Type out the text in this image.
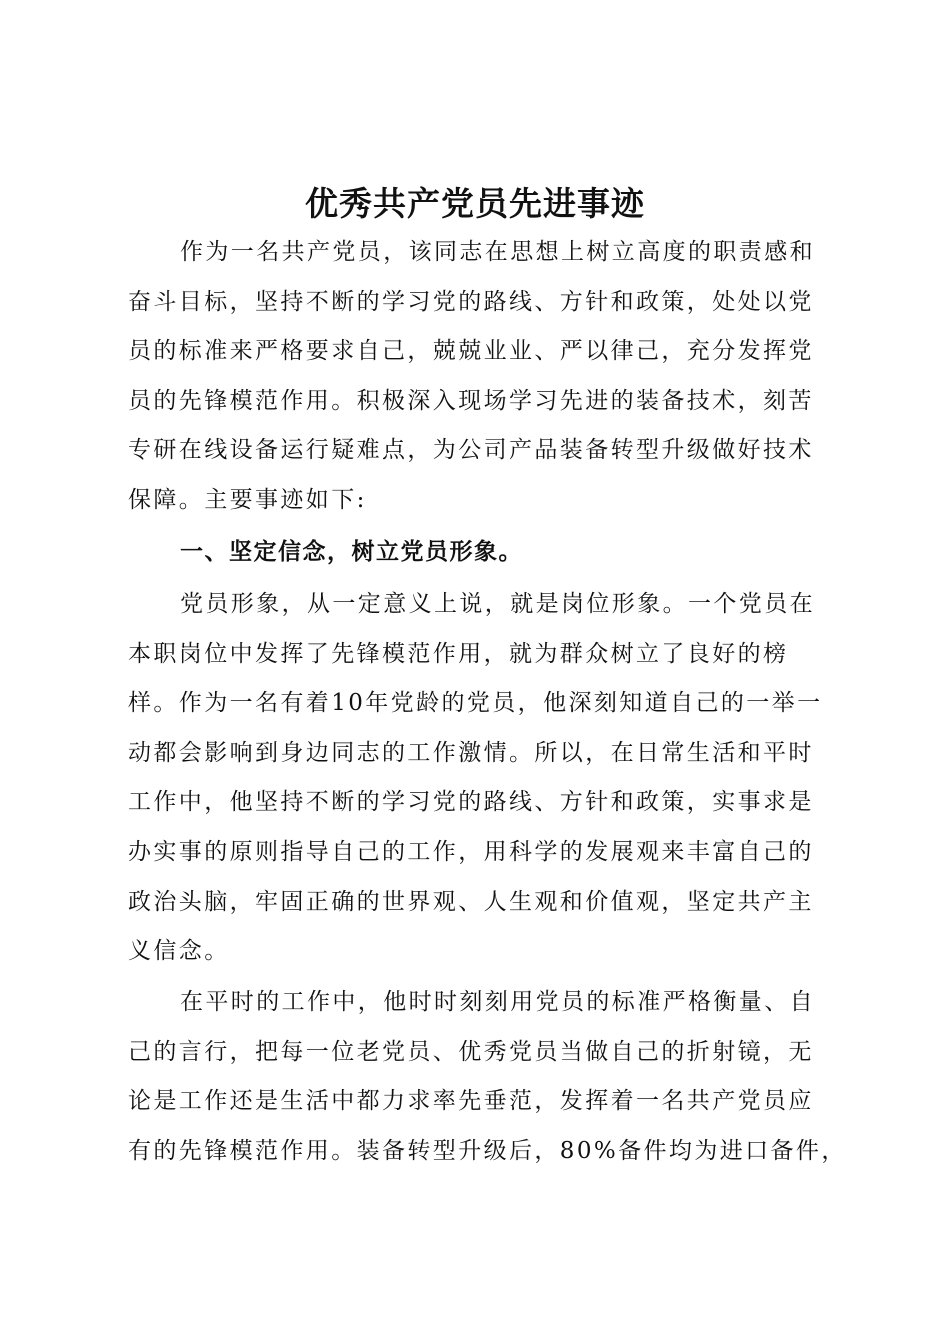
优秀共产党员先进事迹
作为一名共产党员，该同志在思想上树立高度的职责感和
奋斗目标，坚持不断的学习党的路线、方针和政策，处处以党
员的标准来严格要求自己，兢兢业业、严以律己，充分发挥党
员的先锋模范作用。积极深入现场学习先进的装备技术，刻苦
专研在线设备运行疑难点，为公司产品装备转型升级做好技术
保障。主要事迹如下:
一、坚定信念，树立党员形象。
党员形象，从一定意义上说，就是岗位形象。一个党员在
本职岗位中发挥了先锋模范作用，就为群众树立了良好的榜
样。作为一名有着10年党龄的党员，他深刻知道自己的一举一
动都会影响到身边同志的工作激情。所以，在日常生活和平时
工作中，他坚持不断的学习党的路线、方针和政策，实事求是
办实事的原则指导自己的工作，用科学的发展观来丰富自己的
政治头脑，牢固正确的世界观、人生观和价值观，坚定共产主
义信念。
在平时的工作中，他时时刻刻用党员的标准严格衡量、自
己的言行，把每一位老党员、优秀党员当做自己的折射镜，无
论是工作还是生活中都力求率先垂范，发挥着一名共产党员应
有的先锋模范作用。装备转型升级后，80%备件均为进口备件，
